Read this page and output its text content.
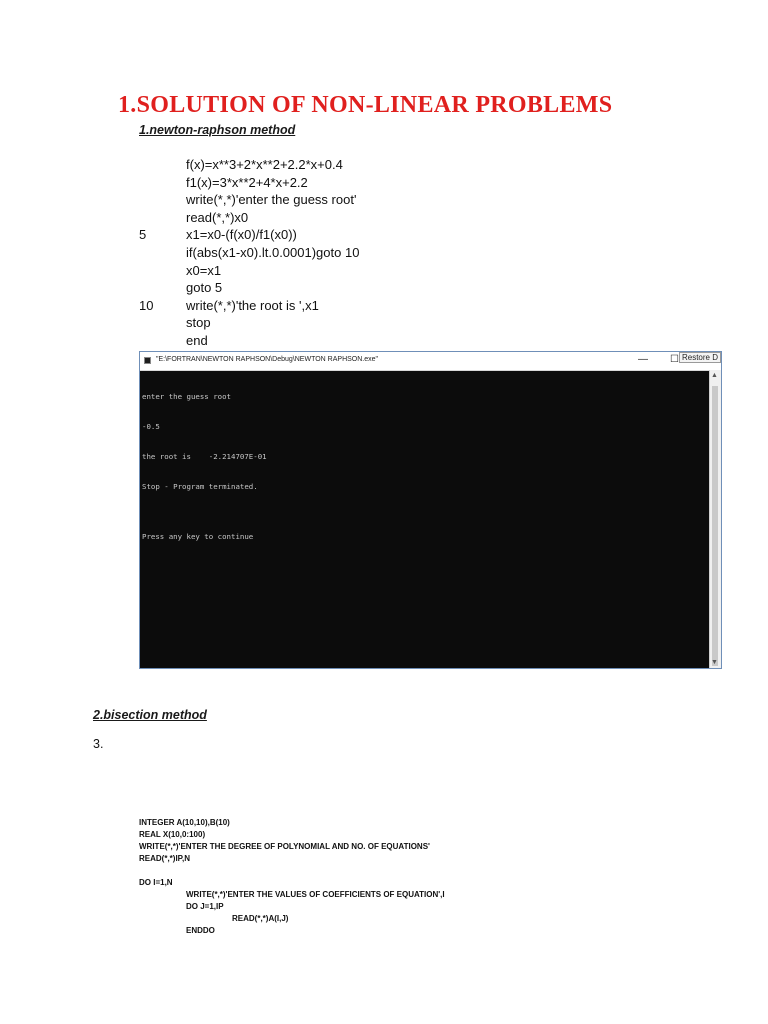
1.SOLUTION OF NON-LINEAR PROBLEMS
1.newton-raphson method
f(x)=x**3+2*x**2+2.2*x+0.4
f1(x)=3*x**2+4*x+2.2
write(*,*)'enter the guess root'
read(*,*)x0
x1=x0-(f(x0)/f1(x0))
if(abs(x1-x0).lt.0.0001)goto 10
x0=x1
goto 5
write(*,*)'the root is ',x1
stop
end
5
10
"E:\FORTRAN\NEWTON RAPHSON\Debug\NEWTON RAPHSON.exe"	— ☐ Restore D

enter the guess root

-0.5

the root is    -2.214707E-01

Stop - Program terminated.

Press any key to continue

▲
▼
2.bisection method
3.
INTEGER A(10,10),B(10)
REAL X(10,0:100)
WRITE(*,*)'ENTER THE DEGREE OF POLYNOMIAL AND NO. OF EQUATIONS'
READ(*,*)IP,N
DO I=1,N
WRITE(*,*)'ENTER THE VALUES OF COEFFICIENTS OF EQUATION',I
DO J=1,IP
READ(*,*)A(I,J)
ENDDO
